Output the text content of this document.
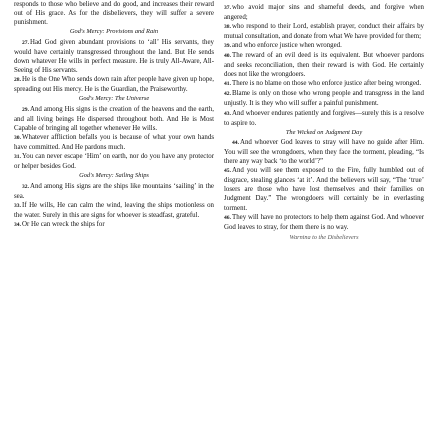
responds to those who believe and do good, and increases their reward out of His grace. As for the disbelievers, they will suffer a severe punishment.

God's Mercy: Provisions and Rain

27.Had God given abundant provisions to ‘all’ His servants, they would have certainly transgressed throughout the land. But He sends down whatever He wills in perfect measure. He is truly All-Aware, All-Seeing of His servants.

28.He is the One Who sends down rain after people have given up hope, spreading out His mercy. He is the Guardian, the Praiseworthy.

God's Mercy: The Universe

29.And among His signs is the creation of the heavens and the earth, and all living beings He dispersed throughout both. And He is Most Capable of bringing all together whenever He wills.

30.Whatever affliction befalls you is because of what your own hands have committed. And He pardons much.

31.You can never escape ‘Him’ on earth, nor do you have any protector or helper besides God.

God's Mercy: Sailing Ships

32.And among His signs are the ships like mountains ‘sailing’ in the sea.

33.If He wills, He can calm the wind, leaving the ships motionless on the water. Surely in this are signs for whoever is steadfast, grateful.

34.Or He can wreck the ships for

37.who avoid major sins and shameful deeds, and forgive when angered;

38.who respond to their Lord, establish prayer, conduct their affairs by mutual consultation, and donate from what We have provided for them;

39.and who enforce justice when wronged.

40.The reward of an evil deed is its equivalent. But whoever pardons and seeks reconciliation, then their reward is with God. He certainly does not like the wrongdoers.

41.There is no blame on those who enforce justice after being wronged.

42.Blame is only on those who wrong people and transgress in the land unjustly. It is they who will suffer a painful punishment.

43.And whoever endures patiently and forgives—surely this is a resolve to aspire to.

The Wicked on Judgment Day

44.And whoever God leaves to stray will have no guide after Him. You will see the wrongdoers, when they face the torment, pleading, “Is there any way back ‘to the world’?”

45.And you will see them exposed to the Fire, fully humbled out of disgrace, stealing glances ‘at it’. And the believers will say, “The ‘true’ losers are those who have lost themselves and their families on Judgment Day.” The wrongdoers will certainly be in everlasting torment.

46.They will have no protectors to help them against God. And whoever God leaves to stray, for them there is no way.

Warning to the Disbelievers
